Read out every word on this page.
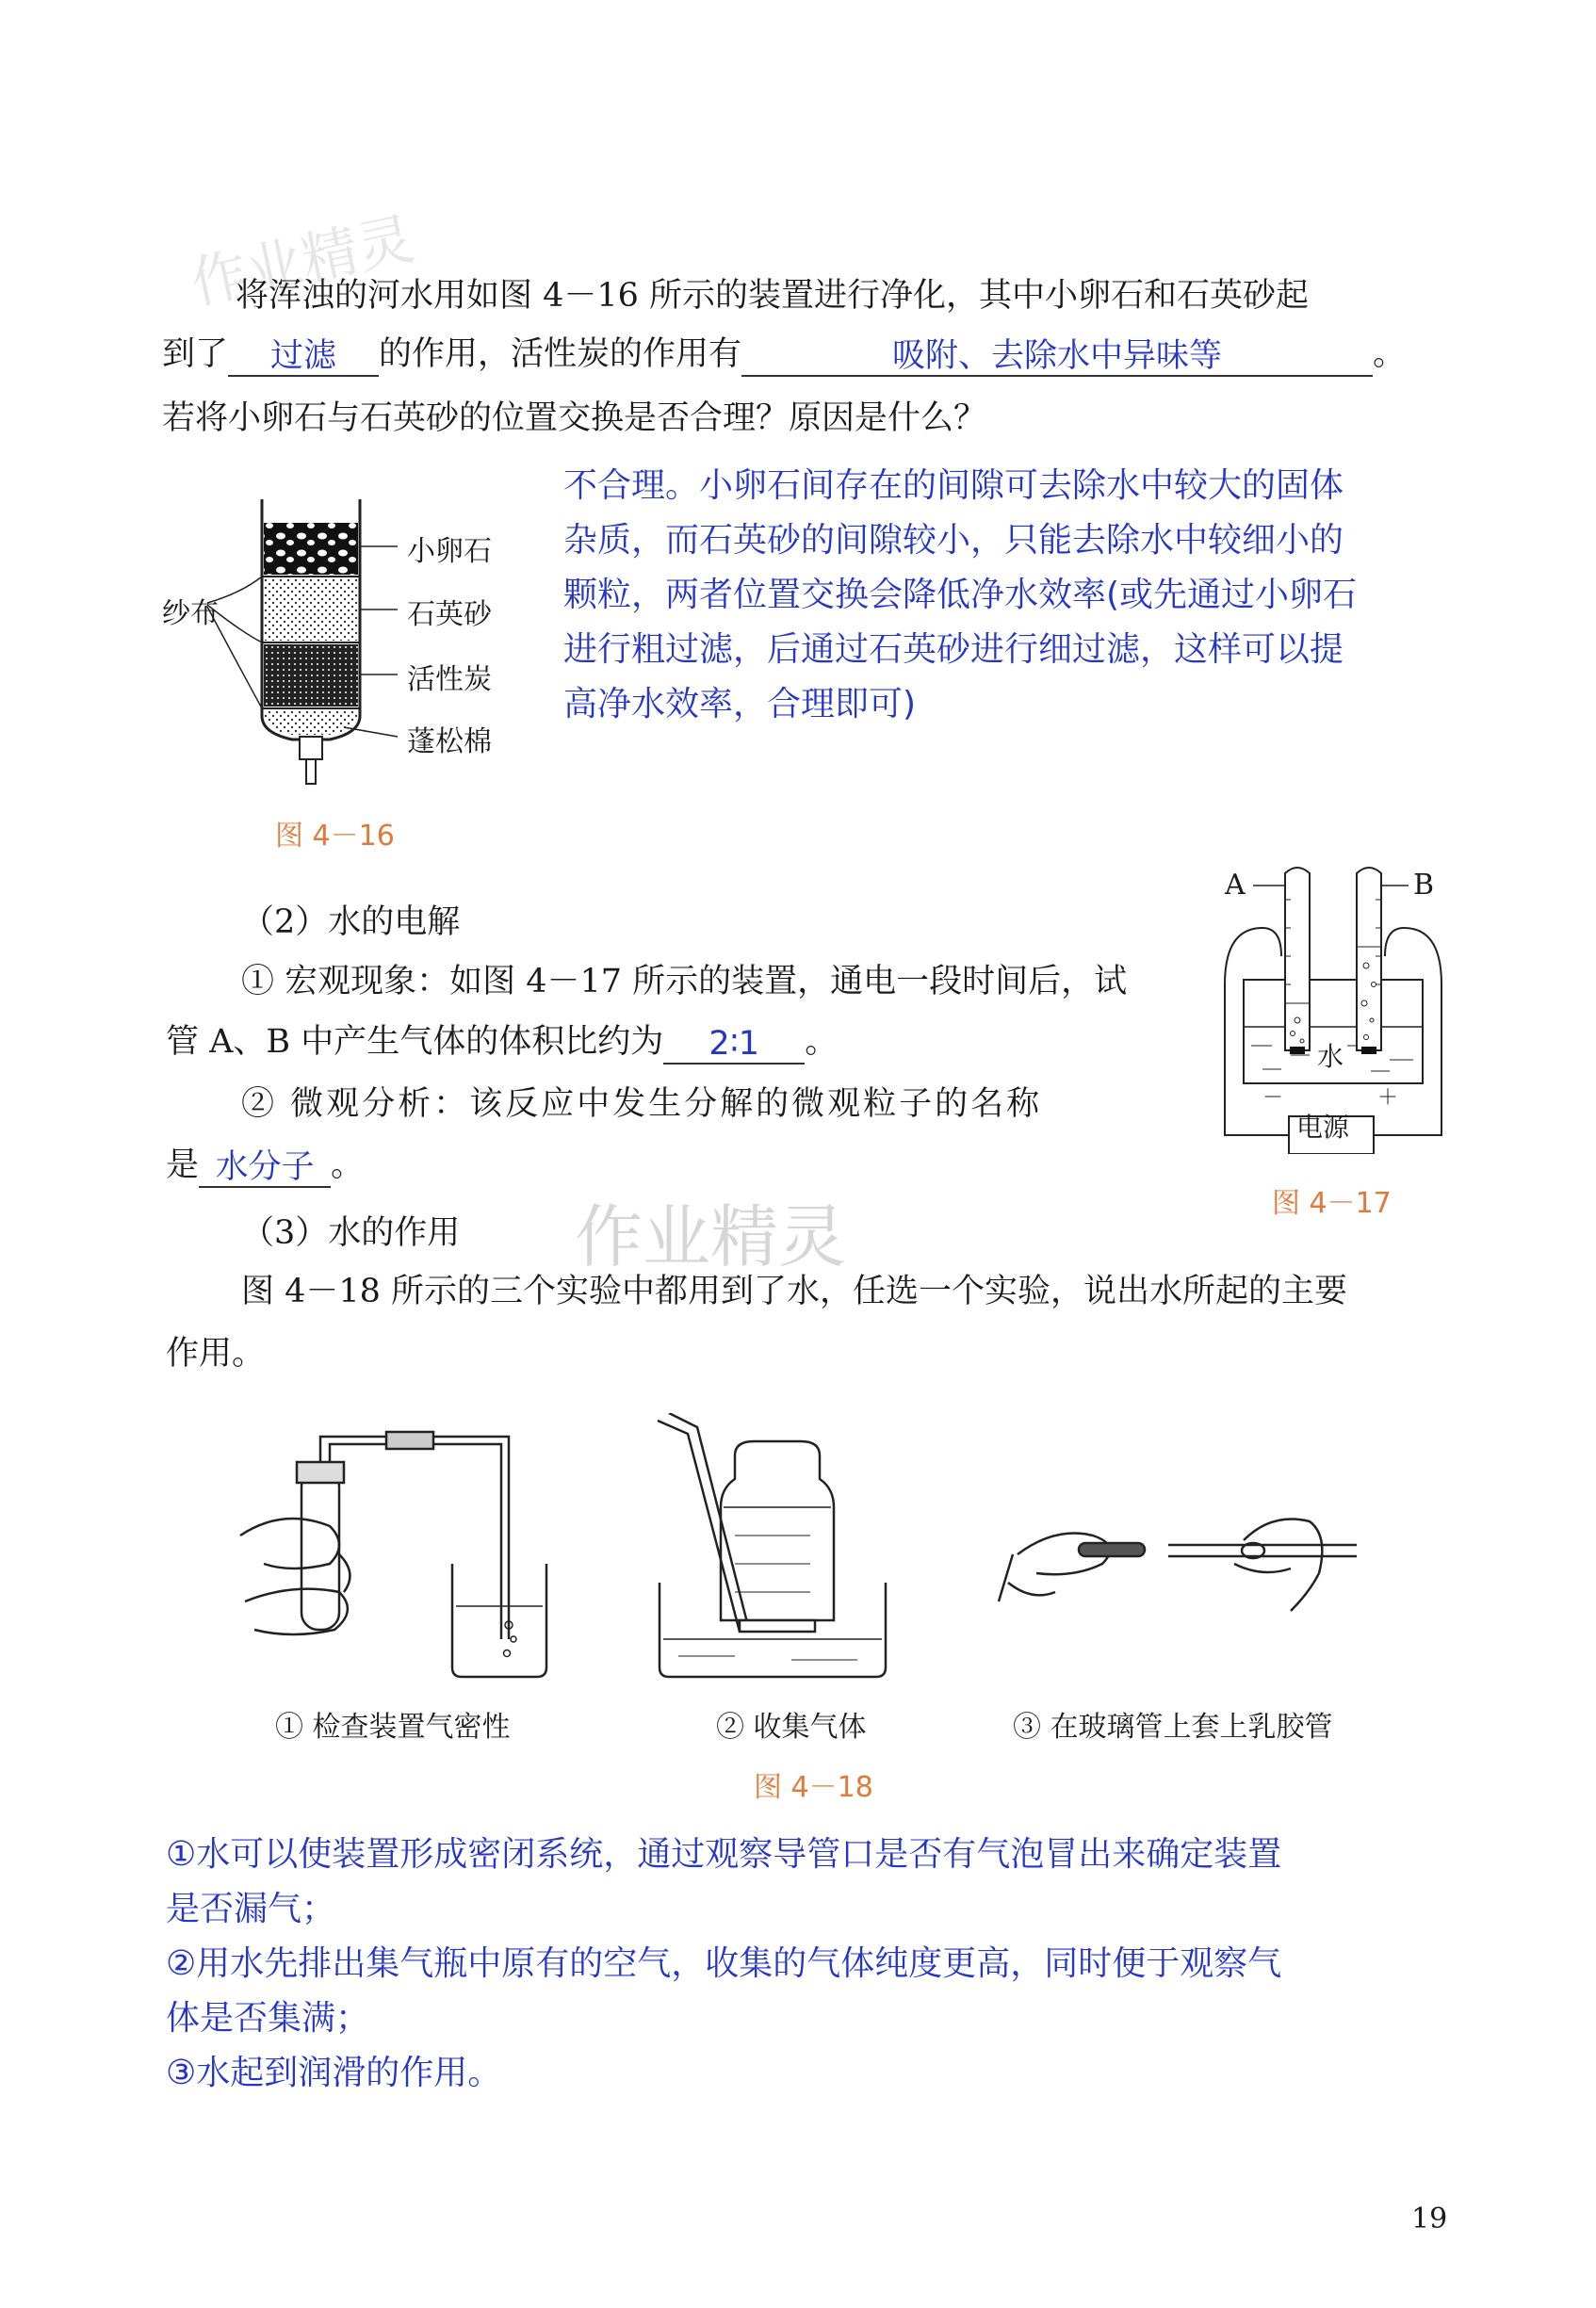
作业精灵
作业精灵
将浑浊的河水用如图 4－16 所示的装置进行净化，其中小卵石和石英砂起
到了 过滤 的作用，活性炭的作用有	吸附、去除水中异味等	。
若将小卵石与石英砂的位置交换是否合理？原因是什么？
不合理。小卵石间存在的间隙可去除水中较大的固体
杂质，而石英砂的间隙较小，只能去除水中较细小的
颗粒，两者位置交换会降低净水效率(或先通过小卵石
进行粗过滤，后通过石英砂进行细过滤，这样可以提
高净水效率，合理即可)
小卵石
石英砂
活性炭
蓬松棉
纱布
图 4－16
（2）水的电解
① 宏观现象：如图 4－17 所示的装置，通电一段时间后，试
管 A、B 中产生气体的体积比约为 2∶1 。
② 微观分析：该反应中发生分解的微观粒子的名称
是 水分子 。
A	B
水
电源
－	＋
图 4－17
（3）水的作用
图 4－18 所示的三个实验中都用到了水，任选一个实验，说出水所起的主要
作用。
① 检查装置气密性	② 收集气体	③ 在玻璃管上套上乳胶管
图 4－18
①水可以使装置形成密闭系统，通过观察导管口是否有气泡冒出来确定装置
是否漏气；
②用水先排出集气瓶中原有的空气，收集的气体纯度更高，同时便于观察气
体是否集满；
③水起到润滑的作用。
19
